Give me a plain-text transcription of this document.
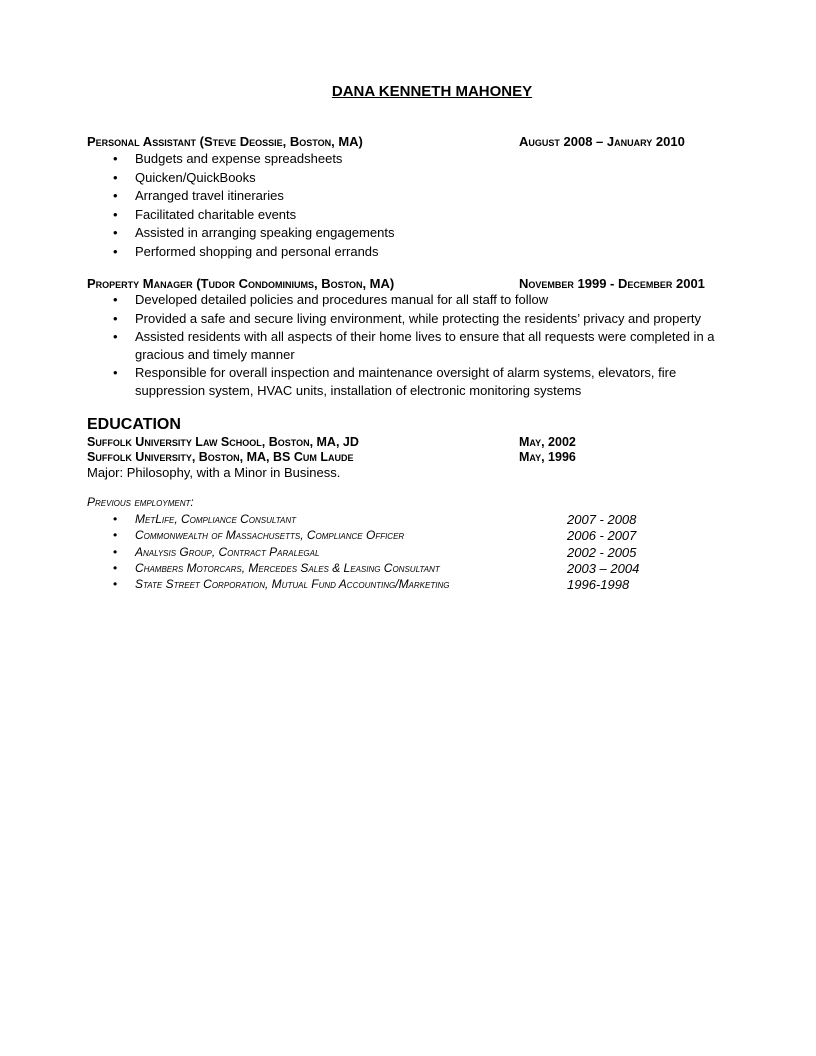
DANA KENNETH MAHONEY
Personal Assistant (Steve Deossie, Boston, MA)	August 2008 – January 2010
• Budgets and expense spreadsheets
• Quicken/QuickBooks
• Arranged travel itineraries
• Facilitated charitable events
• Assisted in arranging speaking engagements
• Performed shopping and personal errands
Property Manager (Tudor Condominiums, Boston, MA)	November 1999 - December 2001
• Developed detailed policies and procedures manual for all staff to follow
• Provided a safe and secure living environment, while protecting the residents’ privacy and property
• Assisted residents with all aspects of their home lives to ensure that all requests were completed in a gracious and timely manner
• Responsible for overall inspection and maintenance oversight of alarm systems, elevators, fire suppression system, HVAC units, installation of electronic monitoring systems
EDUCATION
Suffolk University Law School, Boston, MA, JD	May, 2002
Suffolk University, Boston, MA, BS Cum Laude	May, 1996
Major: Philosophy, with a Minor in Business.
Previous employment:
• MetLife, Compliance Consultant	2007 - 2008
• Commonwealth of Massachusetts, Compliance Officer	2006 - 2007
• Analysis Group, Contract Paralegal	2002 - 2005
• Chambers Motorcars, Mercedes Sales & Leasing Consultant	2003 – 2004
• State Street Corporation, Mutual Fund Accounting/Marketing	1996-1998
